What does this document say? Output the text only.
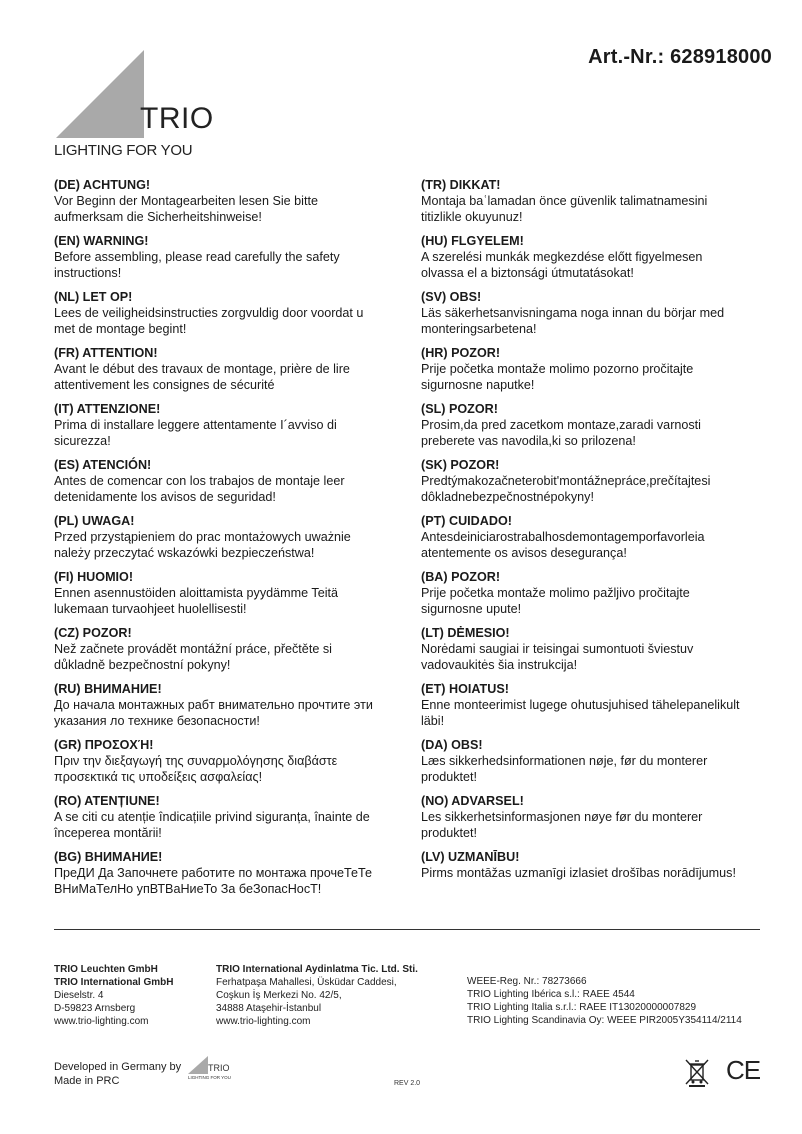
Art.-Nr.: 628918000
TRIO
LIGHTING FOR YOU
(DE) ACHTUNG!
Vor Beginn der Montagearbeiten lesen Sie bitte
aufmerksam die Sicherheitshinweise!
(EN) WARNING!
Before assembling, please read carefully the safety
instructions!
(NL) LET OP!
Lees de veiligheidsinstructies zorgvuldig door voordat u
met de montage begint!
(FR) ATTENTION!
Avant le début des travaux de montage, prière de lire
attentivement les consignes de sécurité
(IT) ATTENZIONE!
Prima di installare leggere attentamente I´avviso di
sicurezza!
(ES) ATENCIÓN!
Antes de comencar con los trabajos de montaje leer
detenidamente los avisos de seguridad!
(PL) UWAGA!
Przed przystąpieniem do prac montażowych uważnie
należy przeczytać wskazówki bezpieczeństwa!
(FI) HUOMIO!
Ennen asennustöiden aloittamista pyydämme Teitä
lukemaan turvaohjeet huolellisesti!
(CZ) POZOR!
Než začnete provádět montážní práce, přečtěte si
důkladně bezpečnostní pokyny!
(RU) ВНИМАНИЕ!
До начала монтажных рабт внимательно прочтите эти
указания ло технике безопасности!
(GR) ΠΡΟΣΟΧΉ!
Πριν την διεξαγωγή της συναρμολόγησης διαβάστε
προσεκτικά τις υποδείξεις ασφαλείας!
(RO) ATENȚIUNE!
A se citi cu atenție îndicațiile privind siguranța, înainte de
începerea montării!
(BG) ВНИМАНИЕ!
ПреДИ Да Започнете работите по монтажа прочеТеТе
ВНиМаТелНо упВТВаНиеТо За беЗопасНосТ!
(TR) DIKKAT!
Montaja baʿlamadan önce güvenlik talimatnamesini
titizlikle okuyunuz!
(HU) FLGYELEM!
A szerelési munkák megkezdése előtt figyelmesen
olvassa el a biztonsági útmutatásokat!
(SV) OBS!
Läs säkerhetsanvisningama noga innan du börjar med
monteringsarbetena!
(HR) POZOR!
Prije početka montaže molimo pozorno pročitajte
sigurnosne naputke!
(SL) POZOR!
Prosim,da pred zacetkom montaze,zaradi varnosti
preberete vas navodila,ki so prilozena!
(SK) POZOR!
Predtýmakozačneterobit'montážnepráce,prečítajtesi
dôkladnebezpečnostnépokyny!
(PT) CUIDADO!
Antesdeiniciarostrabalhosdemontagemporfavorleia
atentemente os avisos desegurança!
(BA) POZOR!
Prije početka montaže molimo pažljivo pročitajte
sigurnosne upute!
(LT) DĖMESIO!
Norėdami saugiai ir teisingai sumontuoti šviestuv
vadovaukitės šia instrukcija!
(ET) HOIATUS!
Enne monteerimist lugege ohutusjuhised tähelepanelikult
läbi!
(DA) OBS!
Læs sikkerhedsinformationen nøje, før du monterer
produktet!
(NO) ADVARSEL!
Les sikkerhetsinformasjonen nøye før du monterer
produktet!
(LV) UZMANĪBU!
Pirms montāžas uzmanīgi izlasiet drošības norādījumus!
TRIO Leuchten GmbH
TRIO International GmbH
Dieselstr. 4
D-59823 Arnsberg
www.trio-lighting.com
TRIO International Aydinlatma Tic. Ltd. Sti.
Ferhatpaşa Mahallesi, Üsküdar Caddesi,
Coşkun İş Merkezi No. 42/5,
34888 Ataşehir-İstanbul
www.trio-lighting.com
WEEE-Reg. Nr.: 78273666
TRIO Lighting Ibérica s.l.: RAEE 4544
TRIO Lighting Italia s.r.l.: RAEE IT13020000007829
TRIO Lighting Scandinavia Oy: WEEE PIR2005Y354114/2114
Developed in Germany by
Made in PRC
TRIO
LIGHTING FOR YOU
REV 2.0	CE
